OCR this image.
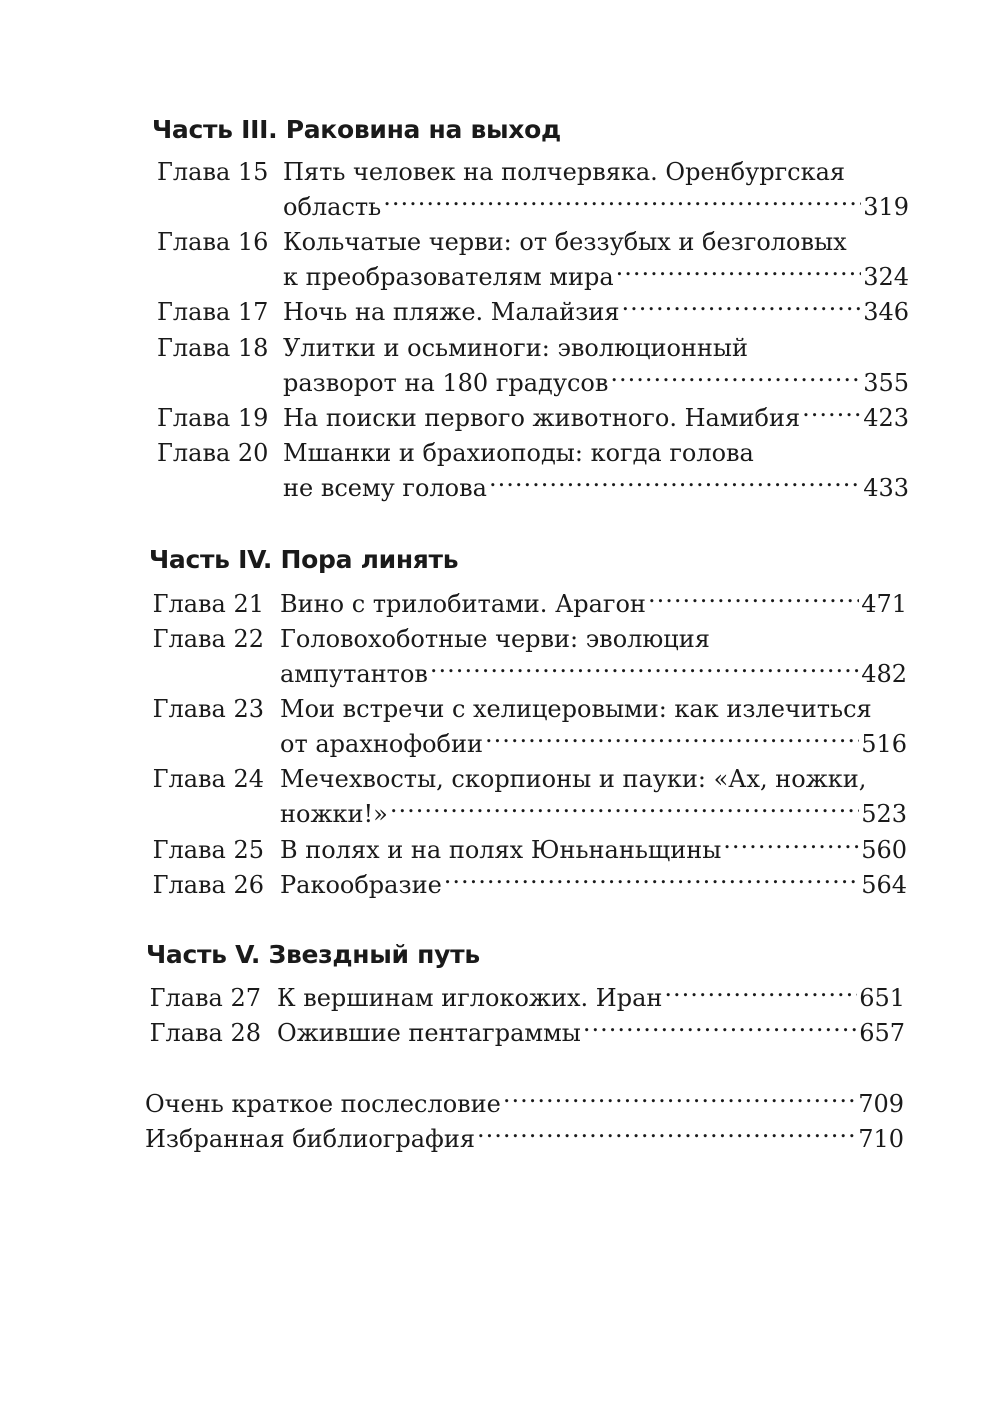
Часть III. Раковина на выход
Глава 15 Пять человек на полчервяка. Оренбургская
область .....	319
Глава 16 Кольчатые черви: от беззубых и безголовых
к преобразователям мира .....	324
Глава 17 Ночь на пляже. Малайзия .....	346
Глава 18 Улитки и осьминоги: эволюционный
разворот на 180 градусов .....	355
Глава 19 На поиски первого животного. Намибия .....	423
Глава 20 Мшанки и брахиоподы: когда голова
не всему голова .....	433
Часть IV. Пора линять
Глава 21 Вино с трилобитами. Арагон .....	471
Глава 22 Головохоботные черви: эволюция
ампутантов .....	482
Глава 23 Мои встречи с хелицеровыми: как излечиться
от арахнофобии .....	516
Глава 24 Мечехвосты, скорпионы и пауки: «Ах, ножки,
ножки!» .....	523
Глава 25 В полях и на полях Юньнаньщины .....	560
Глава 26 Ракообразие .....	564
Часть V. Звездный путь
Глава 27 К вершинам иглокожих. Иран .....	651
Глава 28 Ожившие пентаграммы .....	657
Очень краткое послесловие .....	709
Избранная библиография .....	710
